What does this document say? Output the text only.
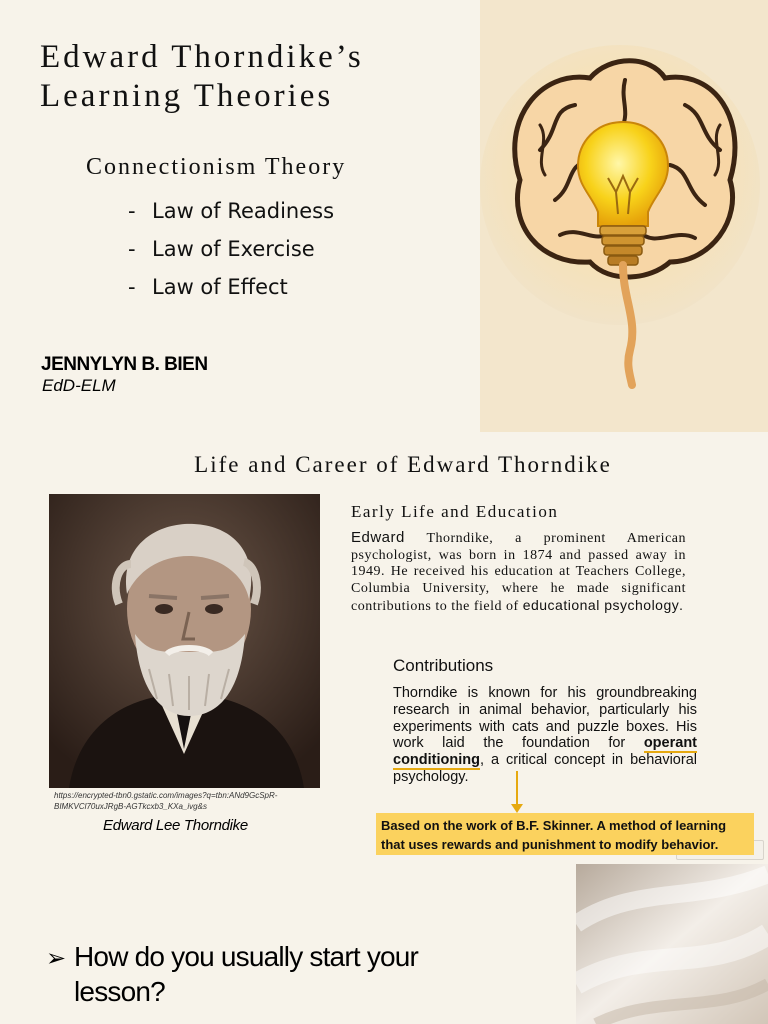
Edward Thorndike’s
Learning Theories
Connectionism Theory
- Law of Readiness
- Law of Exercise
- Law of Effect
JENNYLYN B. BIEN
EdD-ELM
Life and Career of Edward Thorndike
https://encrypted-tbn0.gstatic.com/images?q=tbn:ANd9GcSpR-BIMKVCl70uxJRgB-AGTkcxb3_KXa_ivg&s
Edward Lee Thorndike
Early Life and Education
Edward Thorndike, a prominent American psychologist, was born in 1874 and passed away in 1949. He received his education at Teachers College, Columbia University, where he made significant contributions to the field of educational psychology.
Contributions
Thorndike is known for his groundbreaking research in animal behavior, particularly his experiments with cats and puzzle boxes. His work laid the foundation for operant conditioning, a critical concept in behavioral psychology.
Based on the work of B.F. Skinner. A method of learning
that uses rewards and punishment to modify behavior.
➢ How do you usually start your
lesson?
